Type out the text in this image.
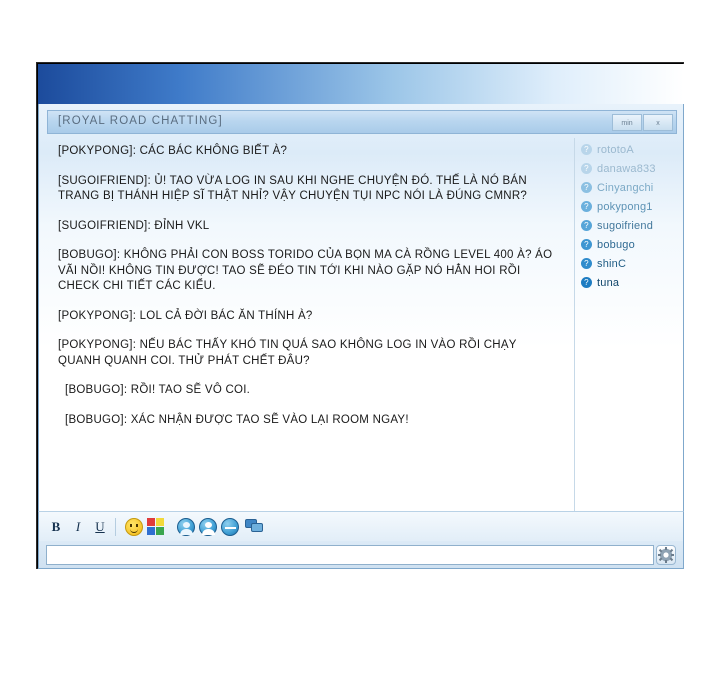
[ROYAL ROAD CHATTING]	min	x
[POKYPONG]: CÁC BÁC KHÔNG BIẾT À?
[SUGOIFRIEND]: Ủ! TAO VỪA LOG IN SAU KHI NGHE CHUYỆN ĐÓ. THẾ LÀ NÓ BÁN TRANG BỊ THÁNH HIỆP SĨ THẬT NHỈ? VẬY CHUYỆN TỤI NPC NÓI LÀ ĐÚNG CMNR?
[SUGOIFRIEND]: ĐỈNH VKL
[BOBUGO]: KHÔNG PHẢI CON BOSS TORIDO CỦA BỌN MA CÀ RỒNG LEVEL 400 À? ÁO VÃI NỒI! KHÔNG TIN ĐƯỢC! TAO SẼ ĐÉO TIN TỚI KHI NÀO GẶP NÓ HẲN HOI RỒI CHECK CHI TIẾT CÁC KIỂU.
[POKYPONG]: LOL CẢ ĐỜI BÁC ĂN THÍNH À?
[POKYPONG]: NẾU BÁC THẤY KHÓ TIN QUÁ SAO KHÔNG LOG IN VÀO RỒI CHẠY QUANH QUANH COI. THỬ PHÁT CHẾT ĐÂU?
[BOBUGO]: RỒI! TAO SẼ VÔ COI.
[BOBUGO]: XÁC NHẬN ĐƯỢC TAO SẼ VÀO LẠI ROOM NGAY!
? rototoA
? danawa833
? Cinyangchi
? pokypong1
? sugoifriend
? bobugo
? shinC
? tuna
B	I	U
